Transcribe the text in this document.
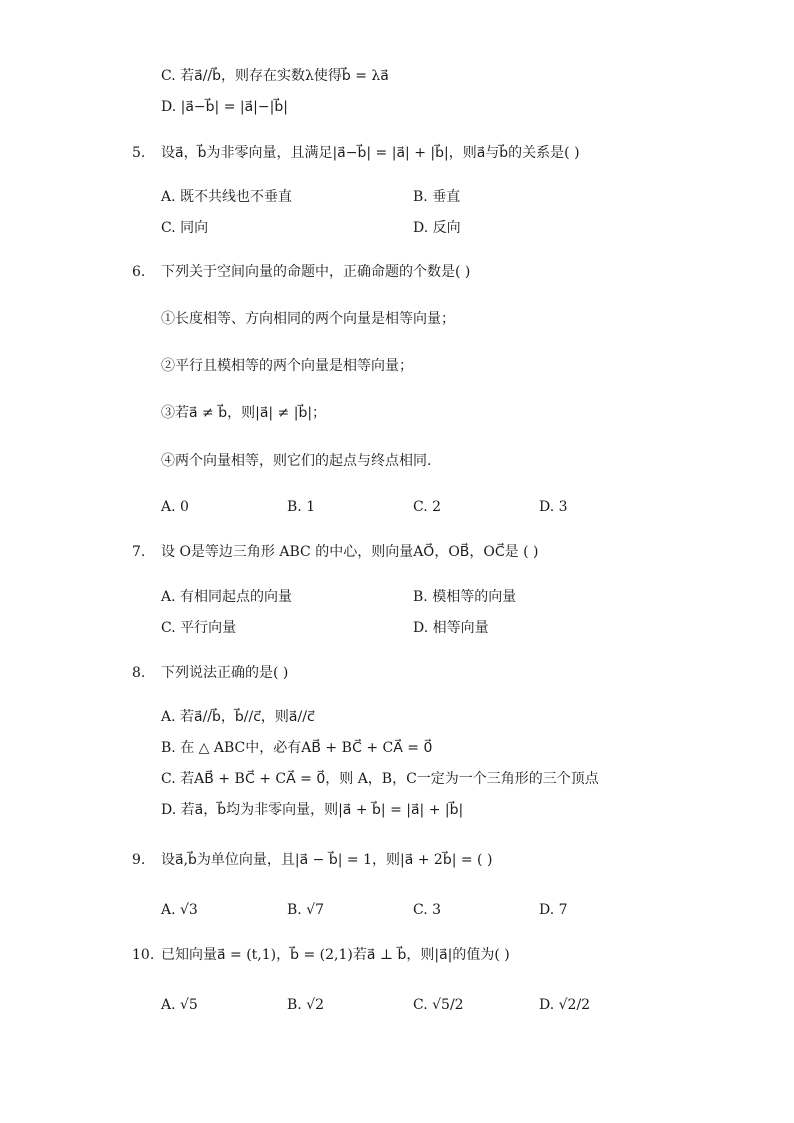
C. 若a⃗//b⃗，则存在实数λ使得b⃗ = λa⃗
D. |a⃗−b⃗| = |a⃗|−|b⃗|
5. 设a⃗，b⃗为非零向量，且满足|a⃗−b⃗| = |a⃗| + |b⃗|，则a⃗与b⃗的关系是( )
A. 既不共线也不垂直	B. 垂直
C. 同向	D. 反向
6. 下列关于空间向量的命题中，正确命题的个数是( )
①长度相等、方向相同的两个向量是相等向量；
②平行且模相等的两个向量是相等向量；
③若a⃗ ≠ b⃗，则|a⃗| ≠ |b⃗|；
④两个向量相等，则它们的起点与终点相同.
A. 0	B. 1	C. 2	D. 3
7. 设 O是等边三角形 ABC 的中心，则向量AO⃗，OB⃗，OC⃗是 ( )
A. 有相同起点的向量	B. 模相等的向量
C. 平行向量	D. 相等向量
8. 下列说法正确的是( )
A. 若a⃗//b⃗，b⃗//c⃗，则a⃗//c⃗
B. 在 △ ABC中，必有AB⃗ + BC⃗ + CA⃗ = 0⃗
C. 若AB⃗ + BC⃗ + CA⃗ = 0⃗，则 A，B，C一定为一个三角形的三个顶点
D. 若a⃗，b⃗均为非零向量，则|a⃗ + b⃗| = |a⃗| + |b⃗|
9. 设a⃗,b⃗为单位向量，且|a⃗ − b⃗| = 1，则|a⃗ + 2b⃗| = ( )
A. √3	B. √7	C. 3	D. 7
10. 已知向量a⃗ = (t,1)，b⃗ = (2,1)若a⃗ ⊥ b⃗，则|a⃗|的值为( )
A. √5	B. √2	C. √5/2	D. √2/2
